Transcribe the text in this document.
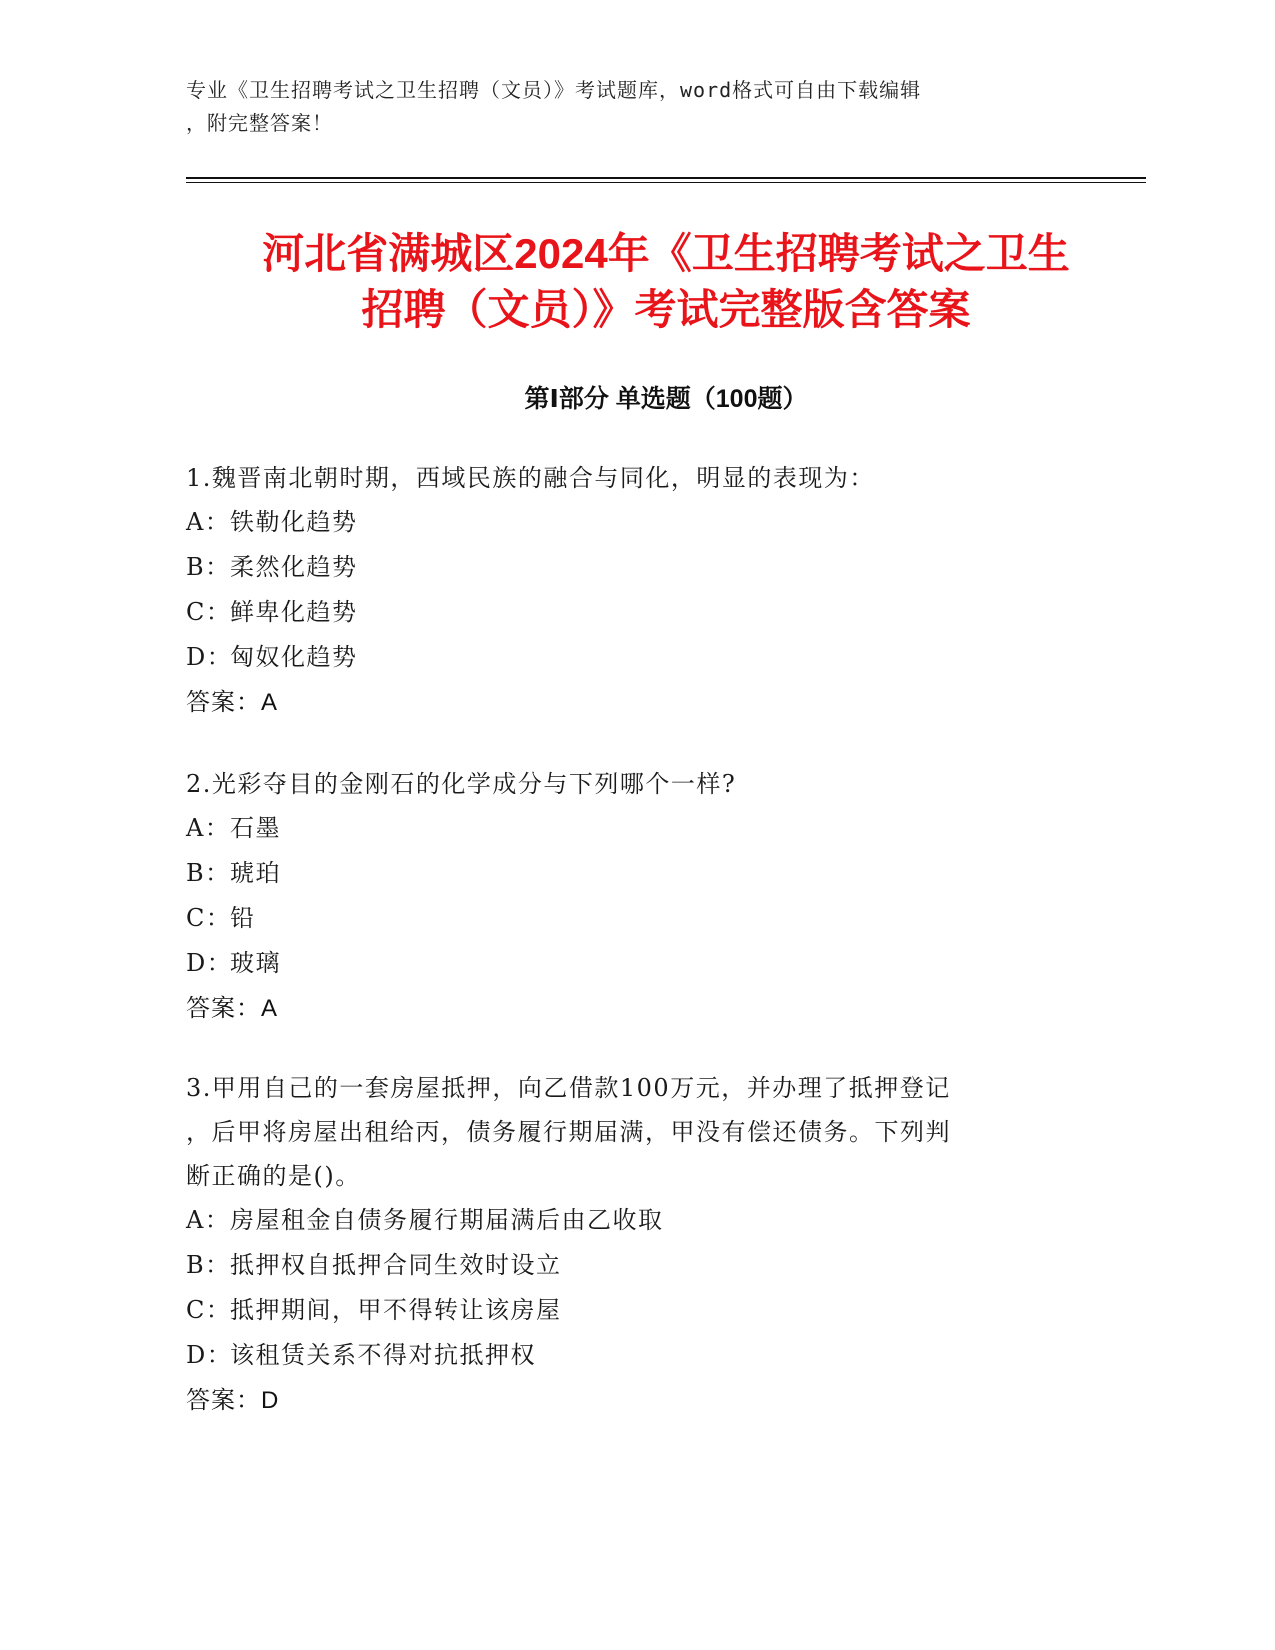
专业《卫生招聘考试之卫生招聘（文员）》考试题库，word格式可自由下载编辑
，附完整答案！
河北省满城区2024年《卫生招聘考试之卫生
招聘（文员）》考试完整版含答案
第Ⅰ部分 单选题（100题）
1.魏晋南北朝时期，西域民族的融合与同化，明显的表现为：
A： 铁勒化趋势
B： 柔然化趋势
C：
鲜卑化趋势
D：
匈奴化趋势
答案：A
2.光彩夺目的金刚石的化学成分与下列哪个一样?
A： 石墨
B： 琥珀
C：
铅
D：
玻璃
答案：A
3.甲用自己的一套房屋抵押，向乙借款100万元，并办理了抵押登记
，后甲将房屋出租给丙，债务履行期届满，甲没有偿还债务。下列判
断正确的是()。
A： 房屋租金自债务履行期届满后由乙收取
B： 抵押权自抵押合同生效时设立
C：
抵押期间，甲不得转让该房屋
D：
该租赁关系不得对抗抵押权
答案：D
